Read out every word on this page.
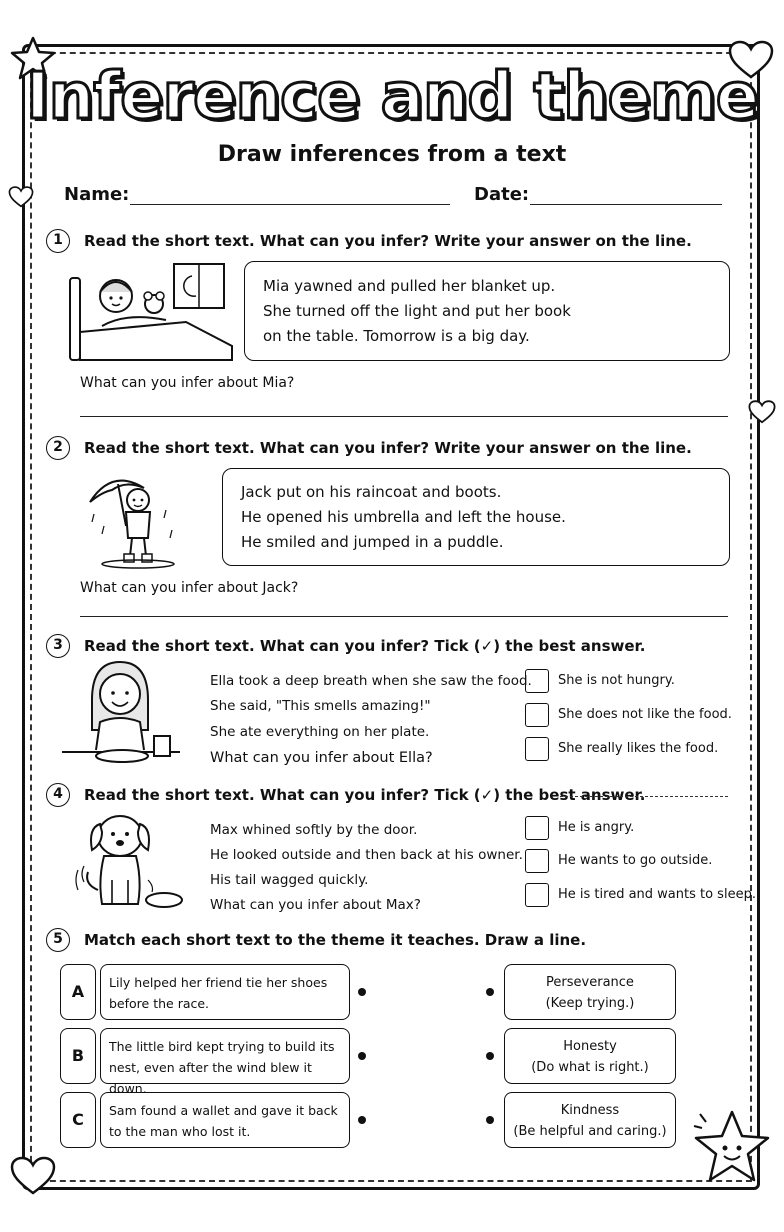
Inference and theme
Draw inferences from a text
Name:	Date:
1	Read the short text. What can you infer? Write your answer on the line.
Mia yawned and pulled her blanket up.
She turned off the light and put her book
on the table. Tomorrow is a big day.
What can you infer about Mia?
2	Read the short text. What can you infer? Write your answer on the line.
Jack put on his raincoat and boots.
He opened his umbrella and left the house.
He smiled and jumped in a puddle.
What can you infer about Jack?
3	Read the short text. What can you infer? Tick (✓) the best answer.
Ella took a deep breath when she saw the food.
She said, "This smells amazing!"
She ate everything on her plate.
What can you infer about Ella?
She is not hungry.
She does not like the food.
She really likes the food.
4	Read the short text. What can you infer? Tick (✓) the best answer.
Max whined softly by the door.
He looked outside and then back at his owner.
His tail wagged quickly.
What can you infer about Max?
He is angry.
He wants to go outside.
He is tired and wants to sleep.
5	Match each short text to the theme it teaches. Draw a line.
A	Lily helped her friend tie her shoes
before the race.
Perseverance
(Keep trying.)
B	The little bird kept trying to build its
nest, even after the wind blew it down.
Honesty
(Do what is right.)
C	Sam found a wallet and gave it back
to the man who lost it.
Kindness
(Be helpful and caring.)
